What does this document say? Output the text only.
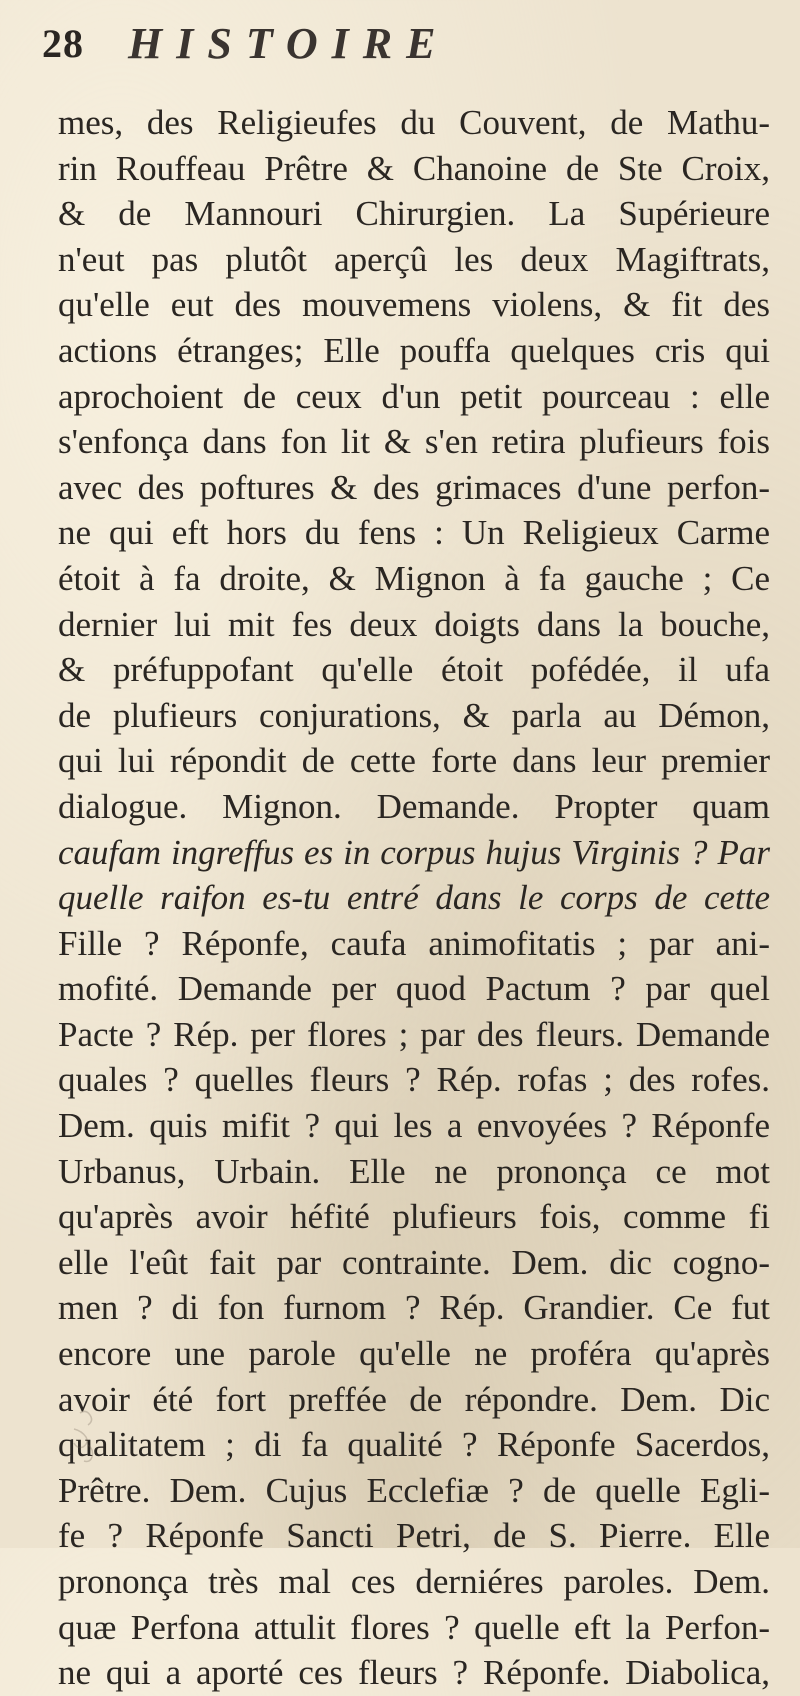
28 HISTOIRE
mes, des Religieufes du Couvent, de Mathu-
rin Rouffeau Prêtre & Chanoine de Ste Croix,
& de Mannouri Chirurgien. La Supérieure
n'eut pas plutôt aperçû les deux Magiftrats,
qu'elle eut des mouvemens violens, & fit des
actions étranges; Elle pouffa quelques cris qui
aprochoient de ceux d'un petit pourceau : elle
s'enfonça dans fon lit & s'en retira plufieurs fois
avec des poftures & des grimaces d'une perfon-
ne qui eft hors du fens : Un Religieux Carme
étoit à fa droite, & Mignon à fa gauche ; Ce
dernier lui mit fes deux doigts dans la bouche,
& préfuppofant qu'elle étoit pofédée, il ufa
de plufieurs conjurations, & parla au Démon,
qui lui répondit de cette forte dans leur premier
dialogue. Mignon. Demande. Propter quam
caufam ingreffus es in corpus hujus Virginis ? Par
quelle raifon es-tu entré dans le corps de cette
Fille ? Réponfe, caufa animofitatis ; par ani-
mofité. Demande per quod Pactum ? par quel
Pacte ? Rép. per flores ; par des fleurs. Demande
quales ? quelles fleurs ? Rép. rofas ; des rofes.
Dem. quis mifit ? qui les a envoyées ? Réponfe
Urbanus, Urbain. Elle ne prononça ce mot
qu'après avoir héfité plufieurs fois, comme fi
elle l'eût fait par contrainte. Dem. dic cogno-
men ? di fon furnom ? Rép. Grandier. Ce fut
encore une parole qu'elle ne proféra qu'après
avoir été fort preffée de répondre. Dem. Dic
qualitatem ; di fa qualité ? Réponfe Sacerdos,
Prêtre. Dem. Cujus Ecclefiæ ? de quelle Egli-
fe ? Réponfe Sancti Petri, de S. Pierre. Elle
prononça très mal ces derniéres paroles. Dem.
quæ Perfona attulit flores ? quelle eft la Perfon-
ne qui a aporté ces fleurs ? Réponfe. Diabolica,
